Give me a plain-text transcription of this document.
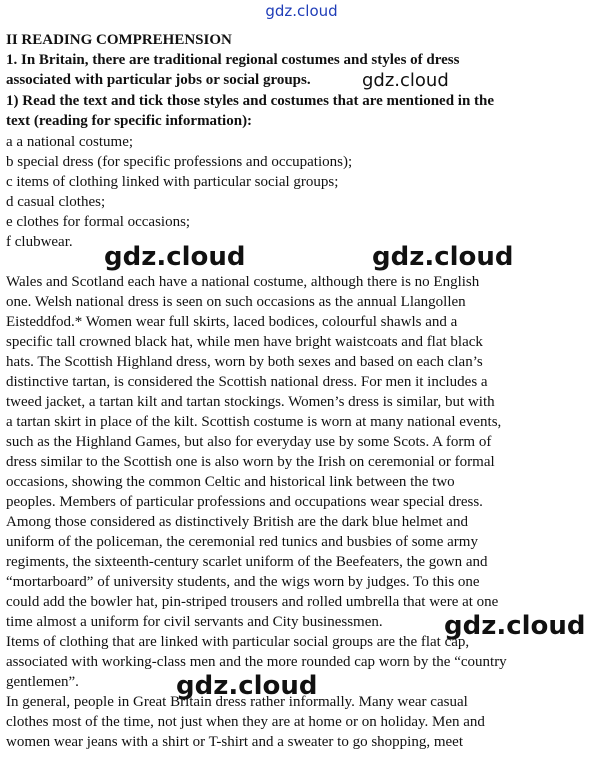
gdz.cloud
II READING COMPREHENSION
1. In Britain, there are traditional regional costumes and styles of dress
associated with particular jobs or social groups.
1) Read the text and tick those styles and costumes that are mentioned in the
text (reading for specific information):
a a national costume;
b special dress (for specific professions and occupations);
c items of clothing linked with particular social groups;
d casual clothes;
e clothes for formal occasions;
f clubwear.
Wales and Scotland each have a national costume, although there is no English
one. Welsh national dress is seen on such occasions as the annual Llangollen
Eisteddfod.* Women wear full skirts, laced bodices, colourful shawls and a
specific tall crowned black hat, while men have bright waistcoats and flat black
hats. The Scottish Highland dress, worn by both sexes and based on each clan’s
distinctive tartan, is considered the Scottish national dress. For men it includes a
tweed jacket, a tartan kilt and tartan stockings. Women’s dress is similar, but with
a tartan skirt in place of the kilt. Scottish costume is worn at many national events,
such as the Highland Games, but also for everyday use by some Scots. A form of
dress similar to the Scottish one is also worn by the Irish on ceremonial or formal
occasions, showing the common Celtic and historical link between the two
peoples. Members of particular professions and occupations wear special dress.
Among those considered as distinctively British are the dark blue helmet and
uniform of the policeman, the ceremonial red tunics and busbies of some army
regiments, the sixteenth-century scarlet uniform of the Beefeaters, the gown and
“mortarboard” of university students, and the wigs worn by judges. To this one
could add the bowler hat, pin-striped trousers and rolled umbrella that were at one
time almost a uniform for civil servants and City businessmen.
Items of clothing that are linked with particular social groups are the flat cap,
associated with working-class men and the more rounded cap worn by the “country
gentlemen”.
In general, people in Great Britain dress rather informally. Many wear casual
clothes most of the time, not just when they are at home or on holiday. Men and
women wear jeans with a shirt or T-shirt and a sweater to go shopping, meet
gdz.cloud
gdz.cloud	gdz.cloud
gdz.cloud
gdz.cloud
